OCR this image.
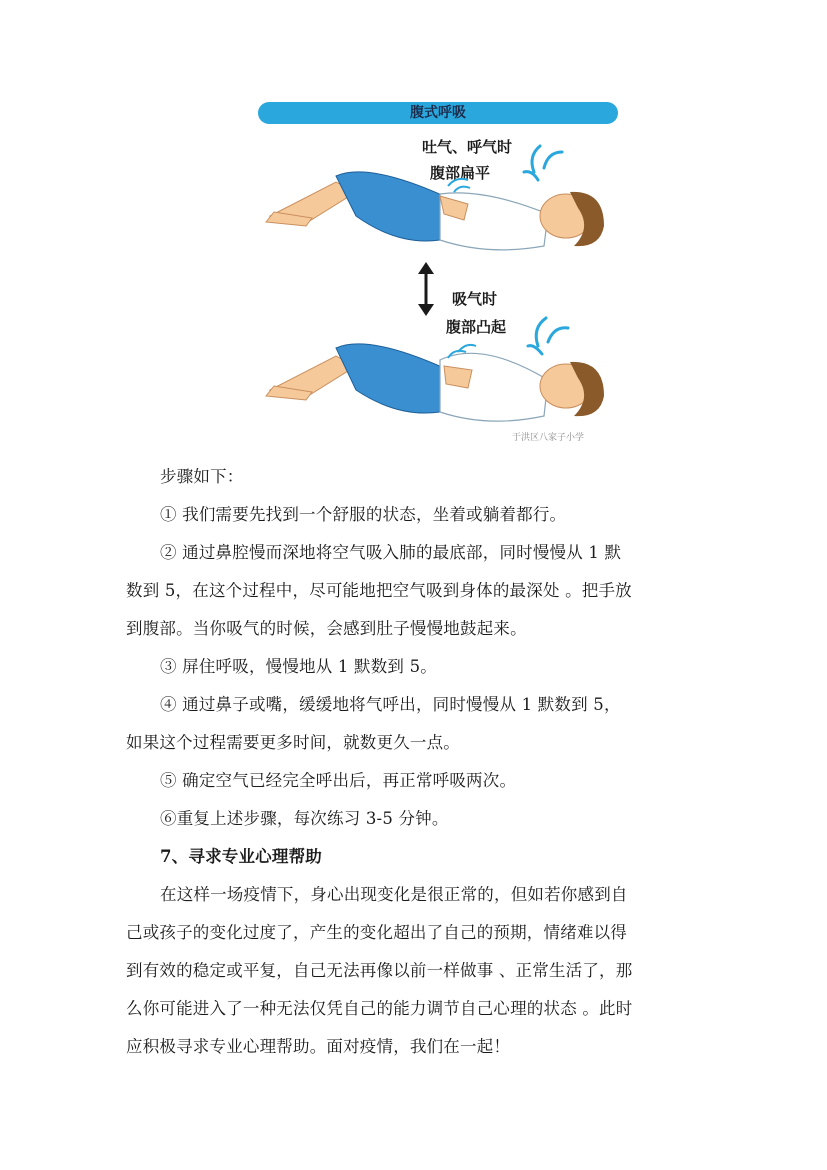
腹式呼吸
吐气、呼气时
腹部扁平
吸气时
腹部凸起
于洪区八家子小学
步骤如下：
① 我们需要先找到一个舒服的状态，坐着或躺着都行。
② 通过鼻腔慢而深地将空气吸入肺的最底部，同时慢慢从 1 默
数到 5，在这个过程中，尽可能地把空气吸到身体的最深处 。把手放
到腹部。当你吸气的时候，会感到肚子慢慢地鼓起来。
③ 屏住呼吸，慢慢地从 1 默数到 5。
④ 通过鼻子或嘴，缓缓地将气呼出，同时慢慢从 1 默数到 5，
如果这个过程需要更多时间，就数更久一点。
⑤ 确定空气已经完全呼出后，再正常呼吸两次。
⑥重复上述步骤，每次练习 3-5 分钟。
7、寻求专业心理帮助
在这样一场疫情下，身心出现变化是很正常的，但如若你感到自
己或孩子的变化过度了，产生的变化超出了自己的预期，情绪难以得
到有效的稳定或平复，自己无法再像以前一样做事 、正常生活了，那
么你可能进入了一种无法仅凭自己的能力调节自己心理的状态 。此时
应积极寻求专业心理帮助。面对疫情，我们在一起！
